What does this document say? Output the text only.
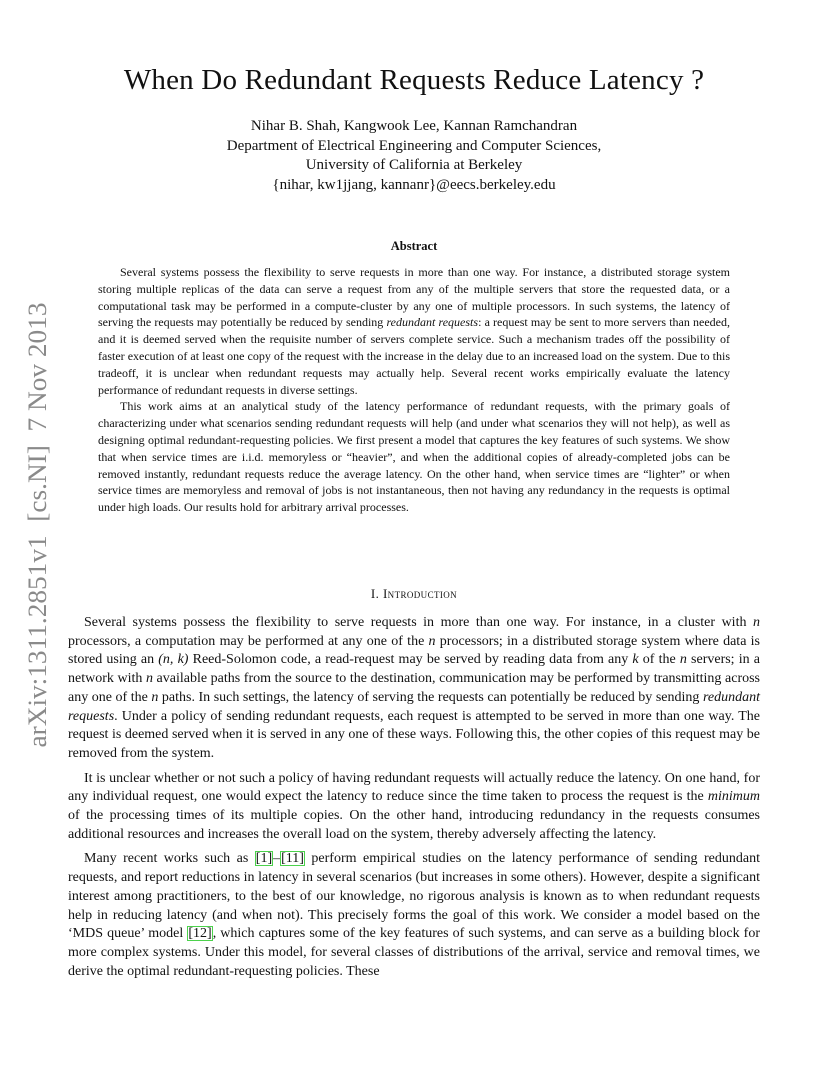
arXiv:1311.2851v1  [cs.NI]  7 Nov 2013
When Do Redundant Requests Reduce Latency ?
Nihar B. Shah, Kangwook Lee, Kannan Ramchandran
Department of Electrical Engineering and Computer Sciences,
University of California at Berkeley
{nihar, kw1jjang, kannanr}@eecs.berkeley.edu
Abstract

Several systems possess the flexibility to serve requests in more than one way. For instance, a distributed storage system storing multiple replicas of the data can serve a request from any of the multiple servers that store the requested data, or a computational task may be performed in a compute-cluster by any one of multiple processors. In such systems, the latency of serving the requests may potentially be reduced by sending redundant requests: a request may be sent to more servers than needed, and it is deemed served when the requisite number of servers complete service. Such a mechanism trades off the possibility of faster execution of at least one copy of the request with the increase in the delay due to an increased load on the system. Due to this tradeoff, it is unclear when redundant requests may actually help. Several recent works empirically evaluate the latency performance of redundant requests in diverse settings.

This work aims at an analytical study of the latency performance of redundant requests, with the primary goals of characterizing under what scenarios sending redundant requests will help (and under what scenarios they will not help), as well as designing optimal redundant-requesting policies. We first present a model that captures the key features of such systems. We show that when service times are i.i.d. memoryless or “heavier”, and when the additional copies of already-completed jobs can be removed instantly, redundant requests reduce the average latency. On the other hand, when service times are “lighter” or when service times are memoryless and removal of jobs is not instantaneous, then not having any redundancy in the requests is optimal under high loads. Our results hold for arbitrary arrival processes.

I. Introduction

Several systems possess the flexibility to serve requests in more than one way. For instance, in a cluster with n processors, a computation may be performed at any one of the n processors; in a distributed storage system where data is stored using an (n, k) Reed-Solomon code, a read-request may be served by reading data from any k of the n servers; in a network with n available paths from the source to the destination, communication may be performed by transmitting across any one of the n paths. In such settings, the latency of serving the requests can potentially be reduced by sending redundant requests. Under a policy of sending redundant requests, each request is attempted to be served in more than one way. The request is deemed served when it is served in any one of these ways. Following this, the other copies of this request may be removed from the system.

It is unclear whether or not such a policy of having redundant requests will actually reduce the latency. On one hand, for any individual request, one would expect the latency to reduce since the time taken to process the request is the minimum of the processing times of its multiple copies. On the other hand, introducing redundancy in the requests consumes additional resources and increases the overall load on the system, thereby adversely affecting the latency.

Many recent works such as [1]–[11] perform empirical studies on the latency performance of sending redundant requests, and report reductions in latency in several scenarios (but increases in some others). However, despite a significant interest among practitioners, to the best of our knowledge, no rigorous analysis is known as to when redundant requests help in reducing latency (and when not). This precisely forms the goal of this work. We consider a model based on the ‘MDS queue’ model [12], which captures some of the key features of such systems, and can serve as a building block for more complex systems. Under this model, for several classes of distributions of the arrival, service and removal times, we derive the optimal redundant-requesting policies. These
